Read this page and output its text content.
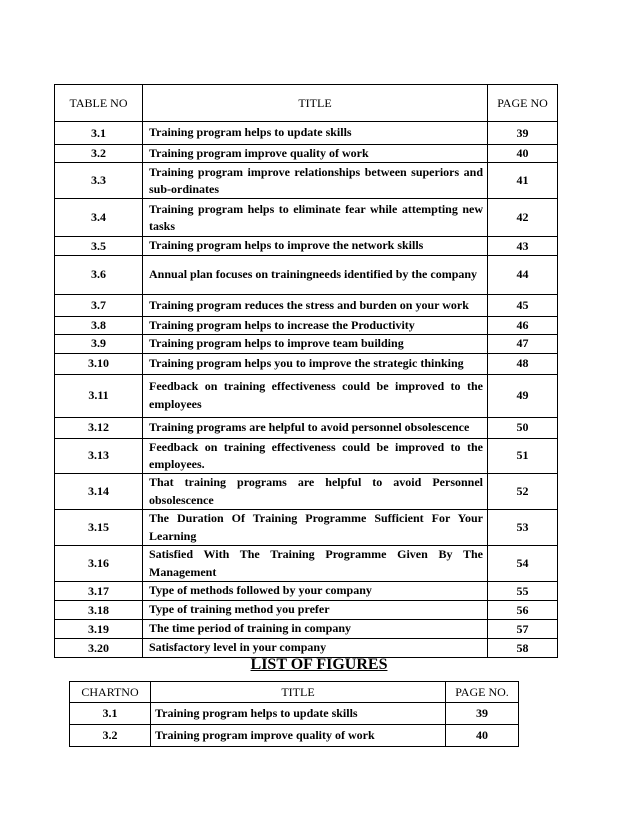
TABLE NO	TITLE	PAGE NO
3.1	Training program helps to update skills	39
3.2	Training program improve quality of work	40
3.3	Training program improve relationships between superiors and sub-ordinates	41
3.4	Training program helps to eliminate fear while attempting new tasks	42
3.5	Training program helps to improve the network skills	43
3.6	Annual plan focuses on trainingneeds identified by the company	44
3.7	Training program reduces the stress and burden on your work	45
3.8	Training program helps to increase the Productivity	46
3.9	Training program helps to improve team building	47
3.10	Training program helps you to improve the strategic thinking	48
3.11	Feedback on training effectiveness could be improved to the employees	49
3.12	Training programs are helpful to avoid personnel obsolescence	50
3.13	Feedback on training effectiveness could be improved to the employees.	51
3.14	That training programs are helpful to avoid Personnel obsolescence	52
3.15	The Duration Of Training Programme Sufficient For Your Learning	53
3.16	Satisfied With The Training Programme Given By The Management	54
3.17	Type of methods followed by your company	55
3.18	Type of training method you prefer	56
3.19	The time period of training in company	57
3.20	Satisfactory level in your company	58
LIST OF FIGURES
CHARTNO	TITLE	PAGE NO.
3.1	Training program helps to update skills	39
3.2	Training program improve quality of work	40
